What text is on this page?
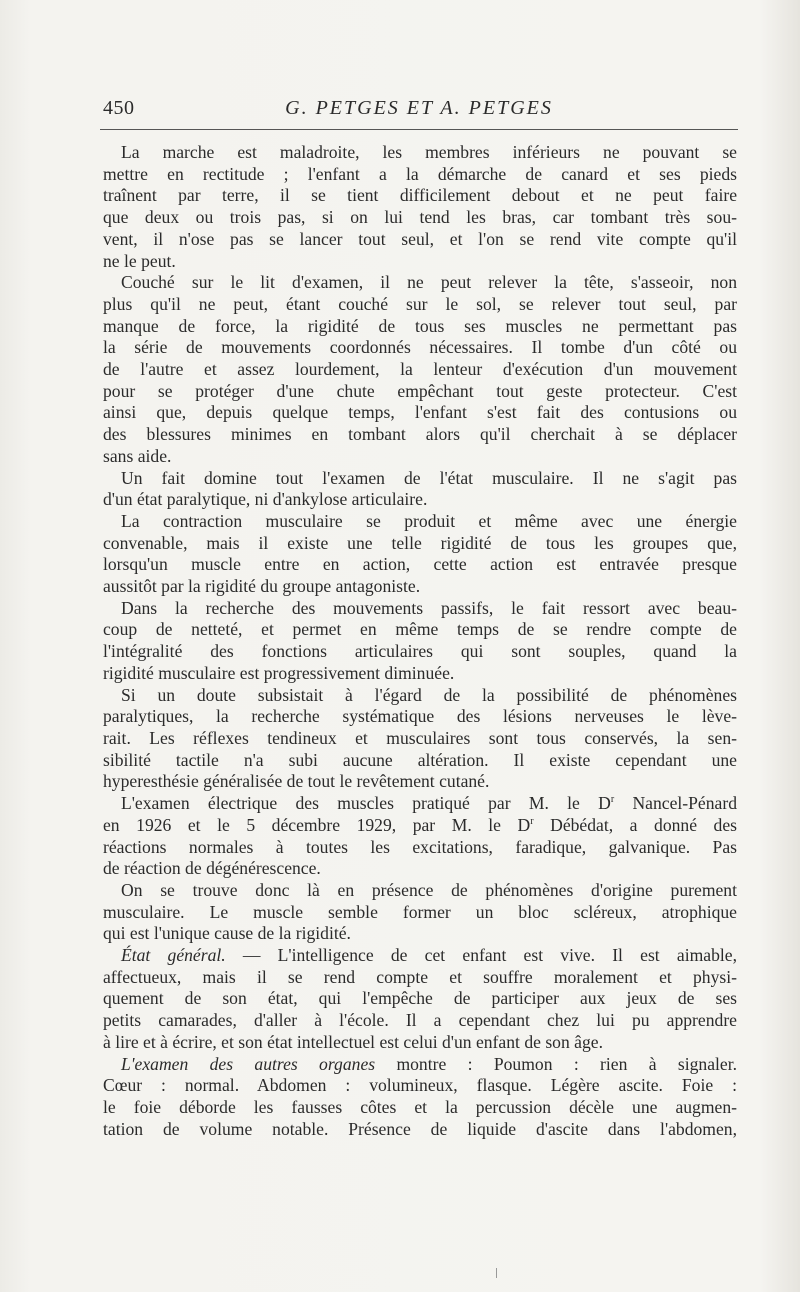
450	G. PETGES ET A. PETGES
La marche est maladroite, les membres inférieurs ne pouvant se
mettre en rectitude ; l'enfant a la démarche de canard et ses pieds
traînent par terre, il se tient difficilement debout et ne peut faire
que deux ou trois pas, si on lui tend les bras, car tombant très sou-
vent, il n'ose pas se lancer tout seul, et l'on se rend vite compte qu'il
ne le peut.
Couché sur le lit d'examen, il ne peut relever la tête, s'asseoir, non
plus qu'il ne peut, étant couché sur le sol, se relever tout seul, par
manque de force, la rigidité de tous ses muscles ne permettant pas
la série de mouvements coordonnés nécessaires. Il tombe d'un côté ou
de l'autre et assez lourdement, la lenteur d'exécution d'un mouvement
pour se protéger d'une chute empêchant tout geste protecteur. C'est
ainsi que, depuis quelque temps, l'enfant s'est fait des contusions ou
des blessures minimes en tombant alors qu'il cherchait à se déplacer
sans aide.
Un fait domine tout l'examen de l'état musculaire. Il ne s'agit pas
d'un état paralytique, ni d'ankylose articulaire.
La contraction musculaire se produit et même avec une énergie
convenable, mais il existe une telle rigidité de tous les groupes que,
lorsqu'un muscle entre en action, cette action est entravée presque
aussitôt par la rigidité du groupe antagoniste.
Dans la recherche des mouvements passifs, le fait ressort avec beau-
coup de netteté, et permet en même temps de se rendre compte de
l'intégralité des fonctions articulaires qui sont souples, quand la
rigidité musculaire est progressivement diminuée.
Si un doute subsistait à l'égard de la possibilité de phénomènes
paralytiques, la recherche systématique des lésions nerveuses le lève-
rait. Les réflexes tendineux et musculaires sont tous conservés, la sen-
sibilité tactile n'a subi aucune altération. Il existe cependant une
hyperesthésie généralisée de tout le revêtement cutané.
L'examen électrique des muscles pratiqué par M. le $D^r$ Nancel-Pénard
en 1926 et le 5 décembre 1929, par M. le $D^r$ Débédat, a donné des
réactions normales à toutes les excitations, faradique, galvanique. Pas
de réaction de dégénérescence.
On se trouve donc là en présence de phénomènes d'origine purement
musculaire. Le muscle semble former un bloc scléreux, atrophique
qui est l'unique cause de la rigidité.
État général. — L'intelligence de cet enfant est vive. Il est aimable,
affectueux, mais il se rend compte et souffre moralement et physi-
quement de son état, qui l'empêche de participer aux jeux de ses
petits camarades, d'aller à l'école. Il a cependant chez lui pu apprendre
à lire et à écrire, et son état intellectuel est celui d'un enfant de son âge.
L'examen des autres organes montre : Poumon : rien à signaler.
Cœur : normal. Abdomen : volumineux, flasque. Légère ascite. Foie :
le foie déborde les fausses côtes et la percussion décèle une augmen-
tation de volume notable. Présence de liquide d'ascite dans l'abdomen,
